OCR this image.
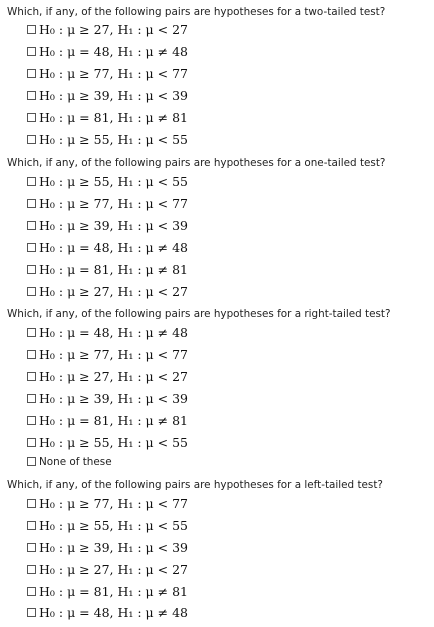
Which, if any, of the following pairs are hypotheses for a two-tailed test?
H₀ : μ ≥ 27, H₁ : μ < 27
H₀ : μ = 48, H₁ : μ ≠ 48
H₀ : μ ≥ 77, H₁ : μ < 77
H₀ : μ ≥ 39, H₁ : μ < 39
H₀ : μ = 81, H₁ : μ ≠ 81
H₀ : μ ≥ 55, H₁ : μ < 55
Which, if any, of the following pairs are hypotheses for a one-tailed test?
H₀ : μ ≥ 55, H₁ : μ < 55
H₀ : μ ≥ 77, H₁ : μ < 77
H₀ : μ ≥ 39, H₁ : μ < 39
H₀ : μ = 48, H₁ : μ ≠ 48
H₀ : μ = 81, H₁ : μ ≠ 81
H₀ : μ ≥ 27, H₁ : μ < 27
Which, if any, of the following pairs are hypotheses for a right-tailed test?
H₀ : μ = 48, H₁ : μ ≠ 48
H₀ : μ ≥ 77, H₁ : μ < 77
H₀ : μ ≥ 27, H₁ : μ < 27
H₀ : μ ≥ 39, H₁ : μ < 39
H₀ : μ = 81, H₁ : μ ≠ 81
H₀ : μ ≥ 55, H₁ : μ < 55
None of these
Which, if any, of the following pairs are hypotheses for a left-tailed test?
H₀ : μ ≥ 77, H₁ : μ < 77
H₀ : μ ≥ 55, H₁ : μ < 55
H₀ : μ ≥ 39, H₁ : μ < 39
H₀ : μ ≥ 27, H₁ : μ < 27
H₀ : μ = 81, H₁ : μ ≠ 81
H₀ : μ = 48, H₁ : μ ≠ 48
